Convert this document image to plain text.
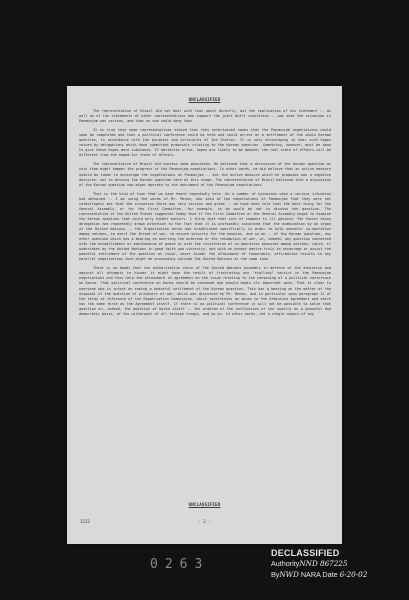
UNCLASSIFIED

The representative of Brazil did not deal with that point directly, but the implication of his statement -- as well as of the statements of other representatives who support the joint draft resolution -- was that the situation in Panmunjom was serious, and that no one could deny that.

It is true that some representatives stated that they entertained hopes that the Panmunjom negotiations would soon be completed and that a political conference could be held and could arrive at a settlement of the whole Korean question, in accordance with the purposes and principles of the Charter. It is very encouraging to hear such hopes voiced by delegations which have submitted proposals relating to the Korean question. Something, however, must be done to give those hopes more substance. If obstacles arise, hopes are likely to be dashed; the real state of affairs will be different from the hoped-for state of affairs.

The representative of Brazil did express some pessimism. He believed that a discussion of the Korean question at this time might hamper the progress of the Panmunjom negotiations. In other words, he did believe that an active measure should be taken to encourage the negotiations at Panmunjom -- but the active measure which he proposed was a negative decision: not to discuss the Korean question here at this stage. The representative of Brazil believed that a discussion of the Korean question now might operate to the detriment of the Panmunjom negotiations.

That is the kind of tune that we have heard repeatedly here. On a number of occasions when a serious situation had obtained -- I am using the words of Mr. Menon, who said of the negotiations at Panmunjom that they were not catastrophic but that the situation there was very serious and grave -- we have been told that the best thing for the General Assembly, or for the First Committee, for example, to do would be not to discuss the question. The representative of the United States suggested today that if the First Committee or the General Assembly began to examine the Korean question that could only hinder matters. I think that that sort of comment is ill advised. The Soviet Union delegation has repeatedly drawn attention to the fact that it is profoundly convinced that the examination by an organ of the United Nations -- the Organization which was established specifically in order to help peaceful co-operation among nations, to avert the threat of war, to ensure security for the peoples, and so on -- of the Korean question, any other question which has a bearing on averting the outbreak or the resumption of war, or, indeed, any question connected with the establishment or maintenance of peace or with the institution of co-operative measures among nations, could, if undertaken by the United Nations in good faith and sincerity, and with an honest desire truly to encourage or assist the peaceful settlement of the question at issue, never hinder the attainment of favourable, affirmative results in any parallel negotiations that might be proceeding outside the United Nations at the same time.

There is no doubt that the authoritative voice of the United Nations Assembly in defence of the armistice and against all attempts to hinder it might have the result of frustrating any "stalling" tactics in the Panmunjom negotiations and thus help the attainment of agreement on the issue relating to the convening of a political conference on Korea. That political conference on Korea should be convened and should begin its important work. That is clear to everyone who is intent on seeing a peaceful settlement of the Korean question. This has a bearing on the matter of the disposal of the question of prisoners of war, which was discussed by Mr. Menon, and in particular upon paragraph 11 of the terms of reference of the Repatriation Commission, which constitutes an annex to the Armistice Agreement and which has the same force as the Agreement itself. If there is no political conference it will not be possible to solve that question or, indeed, the question of Korea itself -- the problem of the unification of the country on a peaceful and democratic basis, of the withdrawal of all foreign troops, and so on. In other words, not a single aspect of any

UNCLASSIFIED
1533	- 2 -
DECLASSIFIED
AuthorityNND 867225
ByNWD NARA Date 6-20-02
0263
